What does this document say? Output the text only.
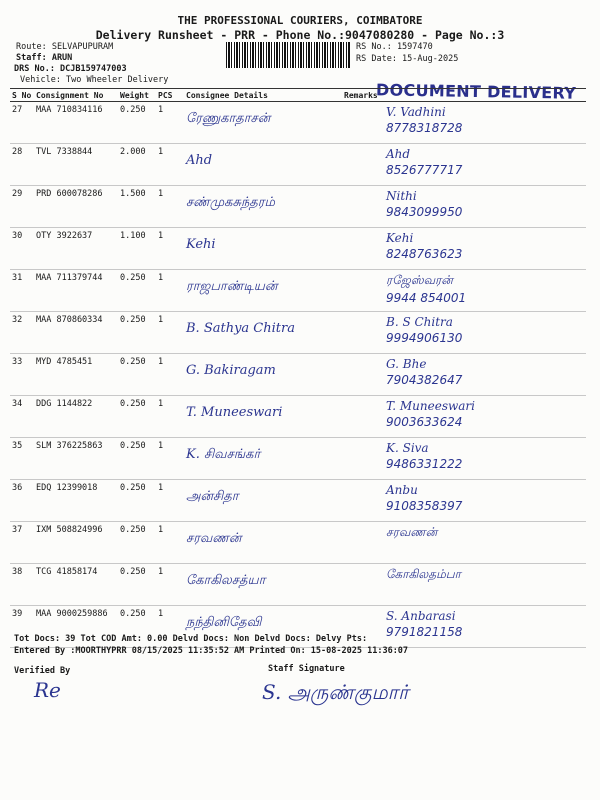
THE PROFESSIONAL COURIERS, COIMBATORE
Delivery Runsheet - PRR - Phone No.:9047080280 - Page No.:3
Route: SELVAPUPURAM
Staff: ARUN
DRS No.: DCJB159747003
Vehicle: Two Wheeler Delivery
RS No.: 1597470
RS Date: 15-Aug-2025
DOCUMENT DELIVERY
S No	Consignment No	Weight	PCS	Consignee Details	Remarks	
27	MAA 710834116	0.250	1	ரேணுகாதாசன்		V. Vadhini
8778318728

28	TVL 7338844	2.000	1	Ahd		Ahd
8526777717

29	PRD 600078286	1.500	1	சண்முகசுந்தரம்		Nithi
9843099950

30	OTY 3922637	1.100	1	Kehi		Kehi
8248763623

31	MAA 711379744	0.250	1	ராஜபாண்டியன்		ரஜேஸ்வரன்
9944 854001

32	MAA 870860334	0.250	1	B. Sathya Chitra		B. S Chitra
9994906130

33	MYD 4785451	0.250	1	G. Bakiragam		G. Bhe
7904382647

34	DDG 1144822	0.250	1	T. Muneeswari		T. Muneeswari
9003633624

35	SLM 376225863	0.250	1	K. சிவசங்கர்		K. Siva
9486331222

36	EDQ 12399018	0.250	1	அன்சிதா		Anbu
9108358397

37	IXM 508824996	0.250	1	சரவணன்		சரவணன்

38	TCG 41858174	0.250	1	கோகிலசத்யா		கோகிலதம்பா

39	MAA 9000259886	0.250	1	நந்தினிதேவி		S. Anbarasi
9791821158
Tot Docs: 39 Tot COD Amt: 0.00 Delvd Docs: Non Delvd Docs: Delvy Pts:
Entered By :MOORTHYPRR 08/15/2025 11:35:52 AM Printed On: 15-08-2025 11:36:07
Verified By	Staff Signature
Re	S. அருண்குமார்
